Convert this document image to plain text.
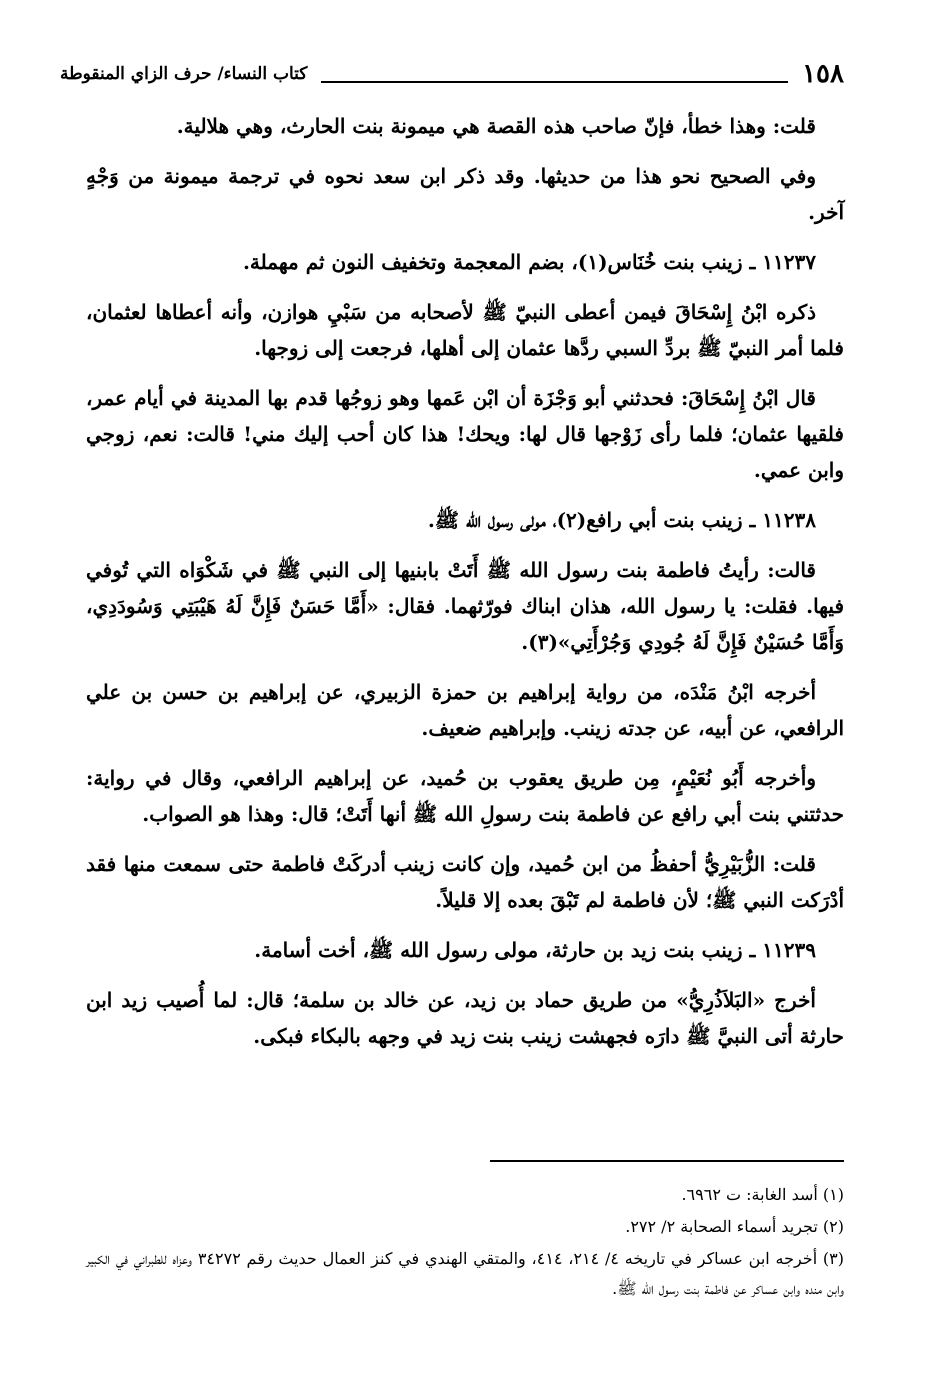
١٥٨
كتاب النساء/ حرف الزاي المنقوطة

قلت: وهذا خطأ، فإنّ صاحب هذه القصة هي ميمونة بنت الحارث، وهي هلالية.

وفي الصحيح نحو هذا من حديثها. وقد ذكر ابن سعد نحوه في ترجمة ميمونة من وَجْهٍ آخر.

١١٢٣٧ ـ زينب بنت خُنَاس(١)، بضم المعجمة وتخفيف النون ثم مهملة.

ذكره ابْنُ إِسْحَاقَ فيمن أعطى النبيّ ﷺ لأصحابه من سَبْيِ هوازن، وأنه أعطاها لعثمان، فلما أمر النبيّ ﷺ بردِّ السبي ردَّها عثمان إلى أهلها، فرجعت إلى زوجها.

قال ابْنُ إِسْحَاقَ: فحدثني أبو وَجْزَة أن ابْن عَمها وهو زوجُها قدم بها المدينة في أيام عمر، فلقيها عثمان؛ فلما رأى زَوْجها قال لها: ويحك! هذا كان أحب إليك مني! قالت: نعم، زوجي وابن عمي.

١١٢٣٨ ـ زينب بنت أبي رافع(٢)، مولى رسول الله ﷺ.

قالت: رأيتُ فاطمة بنت رسول الله ﷺ أَتَتْ بابنيها إلى النبي ﷺ في شَكْوَاه التي تُوفي فيها. فقلت: يا رسول الله، هذان ابناك فورّثهما. فقال: «أَمَّا حَسَنٌ فَإِنَّ لَهُ هَيْبَتِي وَسُودَدِي، وَأَمَّا حُسَيْنٌ فَإِنَّ لَهُ جُودِي وَجُرْأَتِي»(٣).

أخرجه ابْنُ مَنْدَه، من رواية إبراهيم بن حمزة الزبيري، عن إبراهيم بن حسن بن علي الرافعي، عن أبيه، عن جدته زينب. وإبراهيم ضعيف.

وأخرجه أَبُو نُعَيْمٍ، مِن طريق يعقوب بن حُميد، عن إبراهيم الرافعي، وقال في رواية: حدثتني بنت أبي رافع عن فاطمة بنت رسولِ الله ﷺ أنها أَتَتْ؛ قال: وهذا هو الصواب.

قلت: الزُّبَيْرِيُّ أحفظُ من ابن حُميد، وإن كانت زينب أدركَتْ فاطمة حتى سمعت منها فقد أدْرَكت النبي ﷺ؛ لأن فاطمة لم تَبْقَ بعده إلا قليلاً.

١١٢٣٩ ـ زينب بنت زيد بن حارثة، مولى رسول الله ﷺ، أخت أسامة.

أخرج «البَلاَذُرِيُّ» من طريق حماد بن زيد، عن خالد بن سلمة؛ قال: لما أُصيب زيد ابن حارثة أتى النبيَّ ﷺ دارَه فجهشت زينب بنت زيد في وجهه بالبكاء فبكى.

(١) أسد الغابة: ت ٦٩٦٢.

(٢) تجريد أسماء الصحابة ٢/ ٢٧٢.

(٣) أخرجه ابن عساكر في تاريخه ٤/ ٢١٤، ٤١٤، والمتقي الهندي في كنز العمال حديث رقم ٣٤٢٧٢ وعزاه للطبراني في الكبير وابن منده وابن عساكر عن فاطمة بنت رسول الله ﷺ.
